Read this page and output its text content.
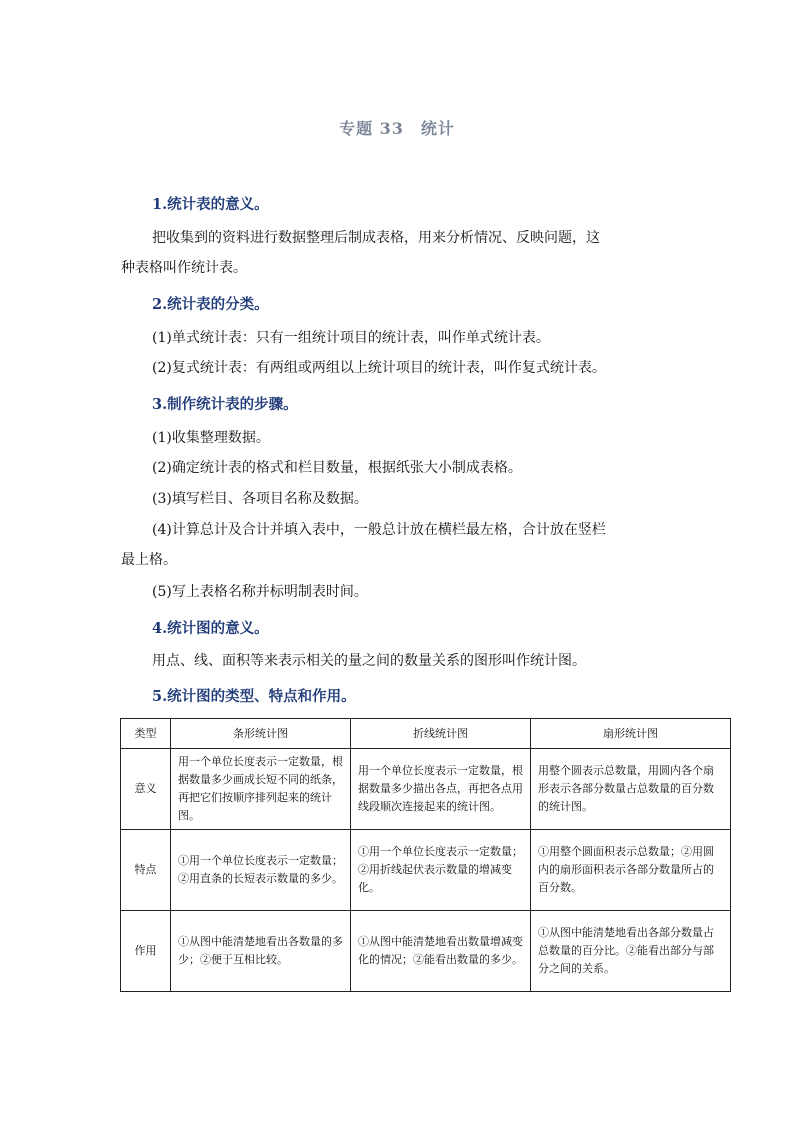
专题 33　统计
1.统计表的意义。
把收集到的资料进行数据整理后制成表格，用来分析情况、反映问题，这
种表格叫作统计表。
2.统计表的分类。
(1)单式统计表：只有一组统计项目的统计表，叫作单式统计表。
(2)复式统计表：有两组或两组以上统计项目的统计表，叫作复式统计表。
3.制作统计表的步骤。
(1)收集整理数据。
(2)确定统计表的格式和栏目数量，根据纸张大小制成表格。
(3)填写栏目、各项目名称及数据。
(4)计算总计及合计并填入表中，一般总计放在横栏最左格，合计放在竖栏
最上格。
(5)写上表格名称并标明制表时间。
4.统计图的意义。
用点、线、面积等来表示相关的量之间的数量关系的图形叫作统计图。
5.统计图的类型、特点和作用。
类型	条形统计图	折线统计图	扇形统计图
意义	用一个单位长度表示一定数量，根据数量多少画成长短不同的纸条，再把它们按顺序排列起来的统计图。	用一个单位长度表示一定数量，根据数量多少描出各点，再把各点用线段顺次连接起来的统计图。	用整个圆表示总数量，用圆内各个扇形表示各部分数量占总数量的百分数的统计图。
特点	①用一个单位长度表示一定数量；②用直条的长短表示数量的多少。	①用一个单位长度表示一定数量；②用折线起伏表示数量的增减变化。	①用整个圆面积表示总数量；②用圆内的扇形面积表示各部分数量所占的百分数。
作用	①从图中能清楚地看出各数量的多少；②便于互相比较。	①从图中能清楚地看出数量增减变化的情况；②能看出数量的多少。	①从图中能清楚地看出各部分数量占总数量的百分比。②能看出部分与部分之间的关系。
